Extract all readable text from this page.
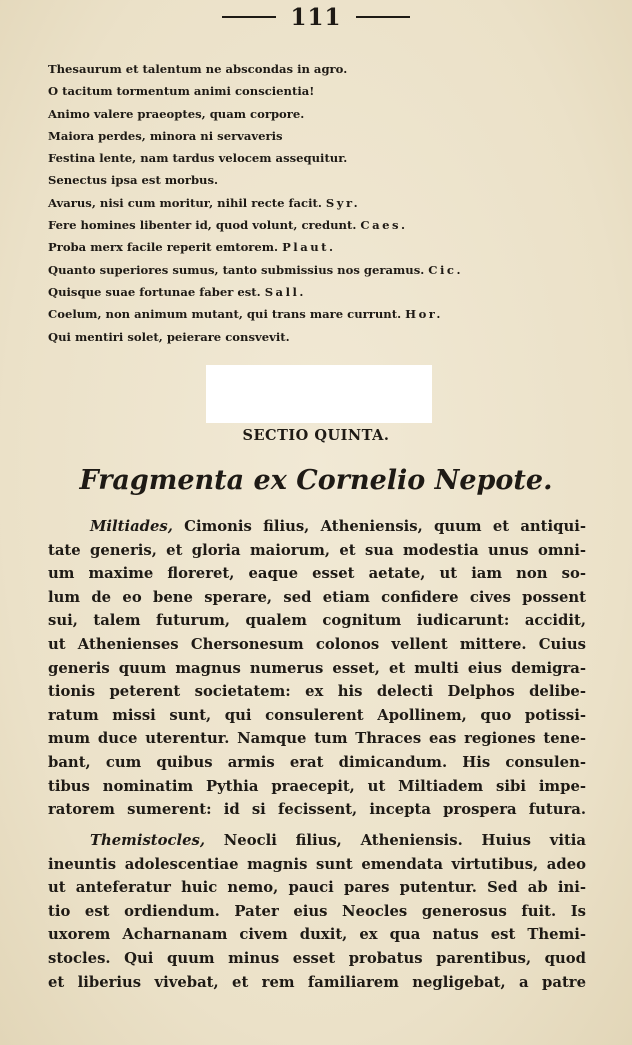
111
Thesaurum et talentum ne abscondas in agro.
O tacitum tormentum animi conscientia!
Animo valere praeoptes, quam corpore.
Maiora perdes, minora ni servaveris
Festina lente, nam tardus velocem assequitur.
Senectus ipsa est morbus.
Avarus, nisi cum moritur, nihil recte facit. Syr.
Fere homines libenter id, quod volunt, credunt. Caes.
Proba merx facile reperit emtorem. Plaut.
Quanto superiores sumus, tanto submissius nos geramus. Cic.
Quisque suae fortunae faber est. Sall.
Coelum, non animum mutant, qui trans mare currunt. Hor.
Qui mentiri solet, peierare consvevit.
SECTIO QUINTA.
Fragmenta ex Cornelio Nepote.
Miltiades, Cimonis filius, Atheniensis, quum et antiqui-
tate generis, et gloria maiorum, et sua modestia unus omni-
um maxime floreret, eaque esset aetate, ut iam non so-
lum de eo bene sperare, sed etiam confidere cives possent
sui, talem futurum, qualem cognitum iudicarunt: accidit,
ut Athenienses Chersonesum colonos vellent mittere. Cuius
generis quum magnus numerus esset, et multi eius demigra-
tionis peterent societatem: ex his delecti Delphos delibe-
ratum missi sunt, qui consulerent Apollinem, quo potissi-
mum duce uterentur. Namque tum Thraces eas regiones tene-
bant, cum quibus armis erat dimicandum. His consulen-
tibus nominatim Pythia praecepit, ut Miltiadem sibi impe-
ratorem sumerent: id si fecissent, incepta prospera futura.
Themistocles, Neocli filius, Atheniensis. Huius vitia
ineuntis adolescentiae magnis sunt emendata virtutibus, adeo
ut anteferatur huic nemo, pauci pares putentur. Sed ab ini-
tio est ordiendum. Pater eius Neocles generosus fuit. Is
uxorem Acharnanam civem duxit, ex qua natus est Themi-
stocles. Qui quum minus esset probatus parentibus, quod
et liberius vivebat, et rem familiarem negligebat, a patre
